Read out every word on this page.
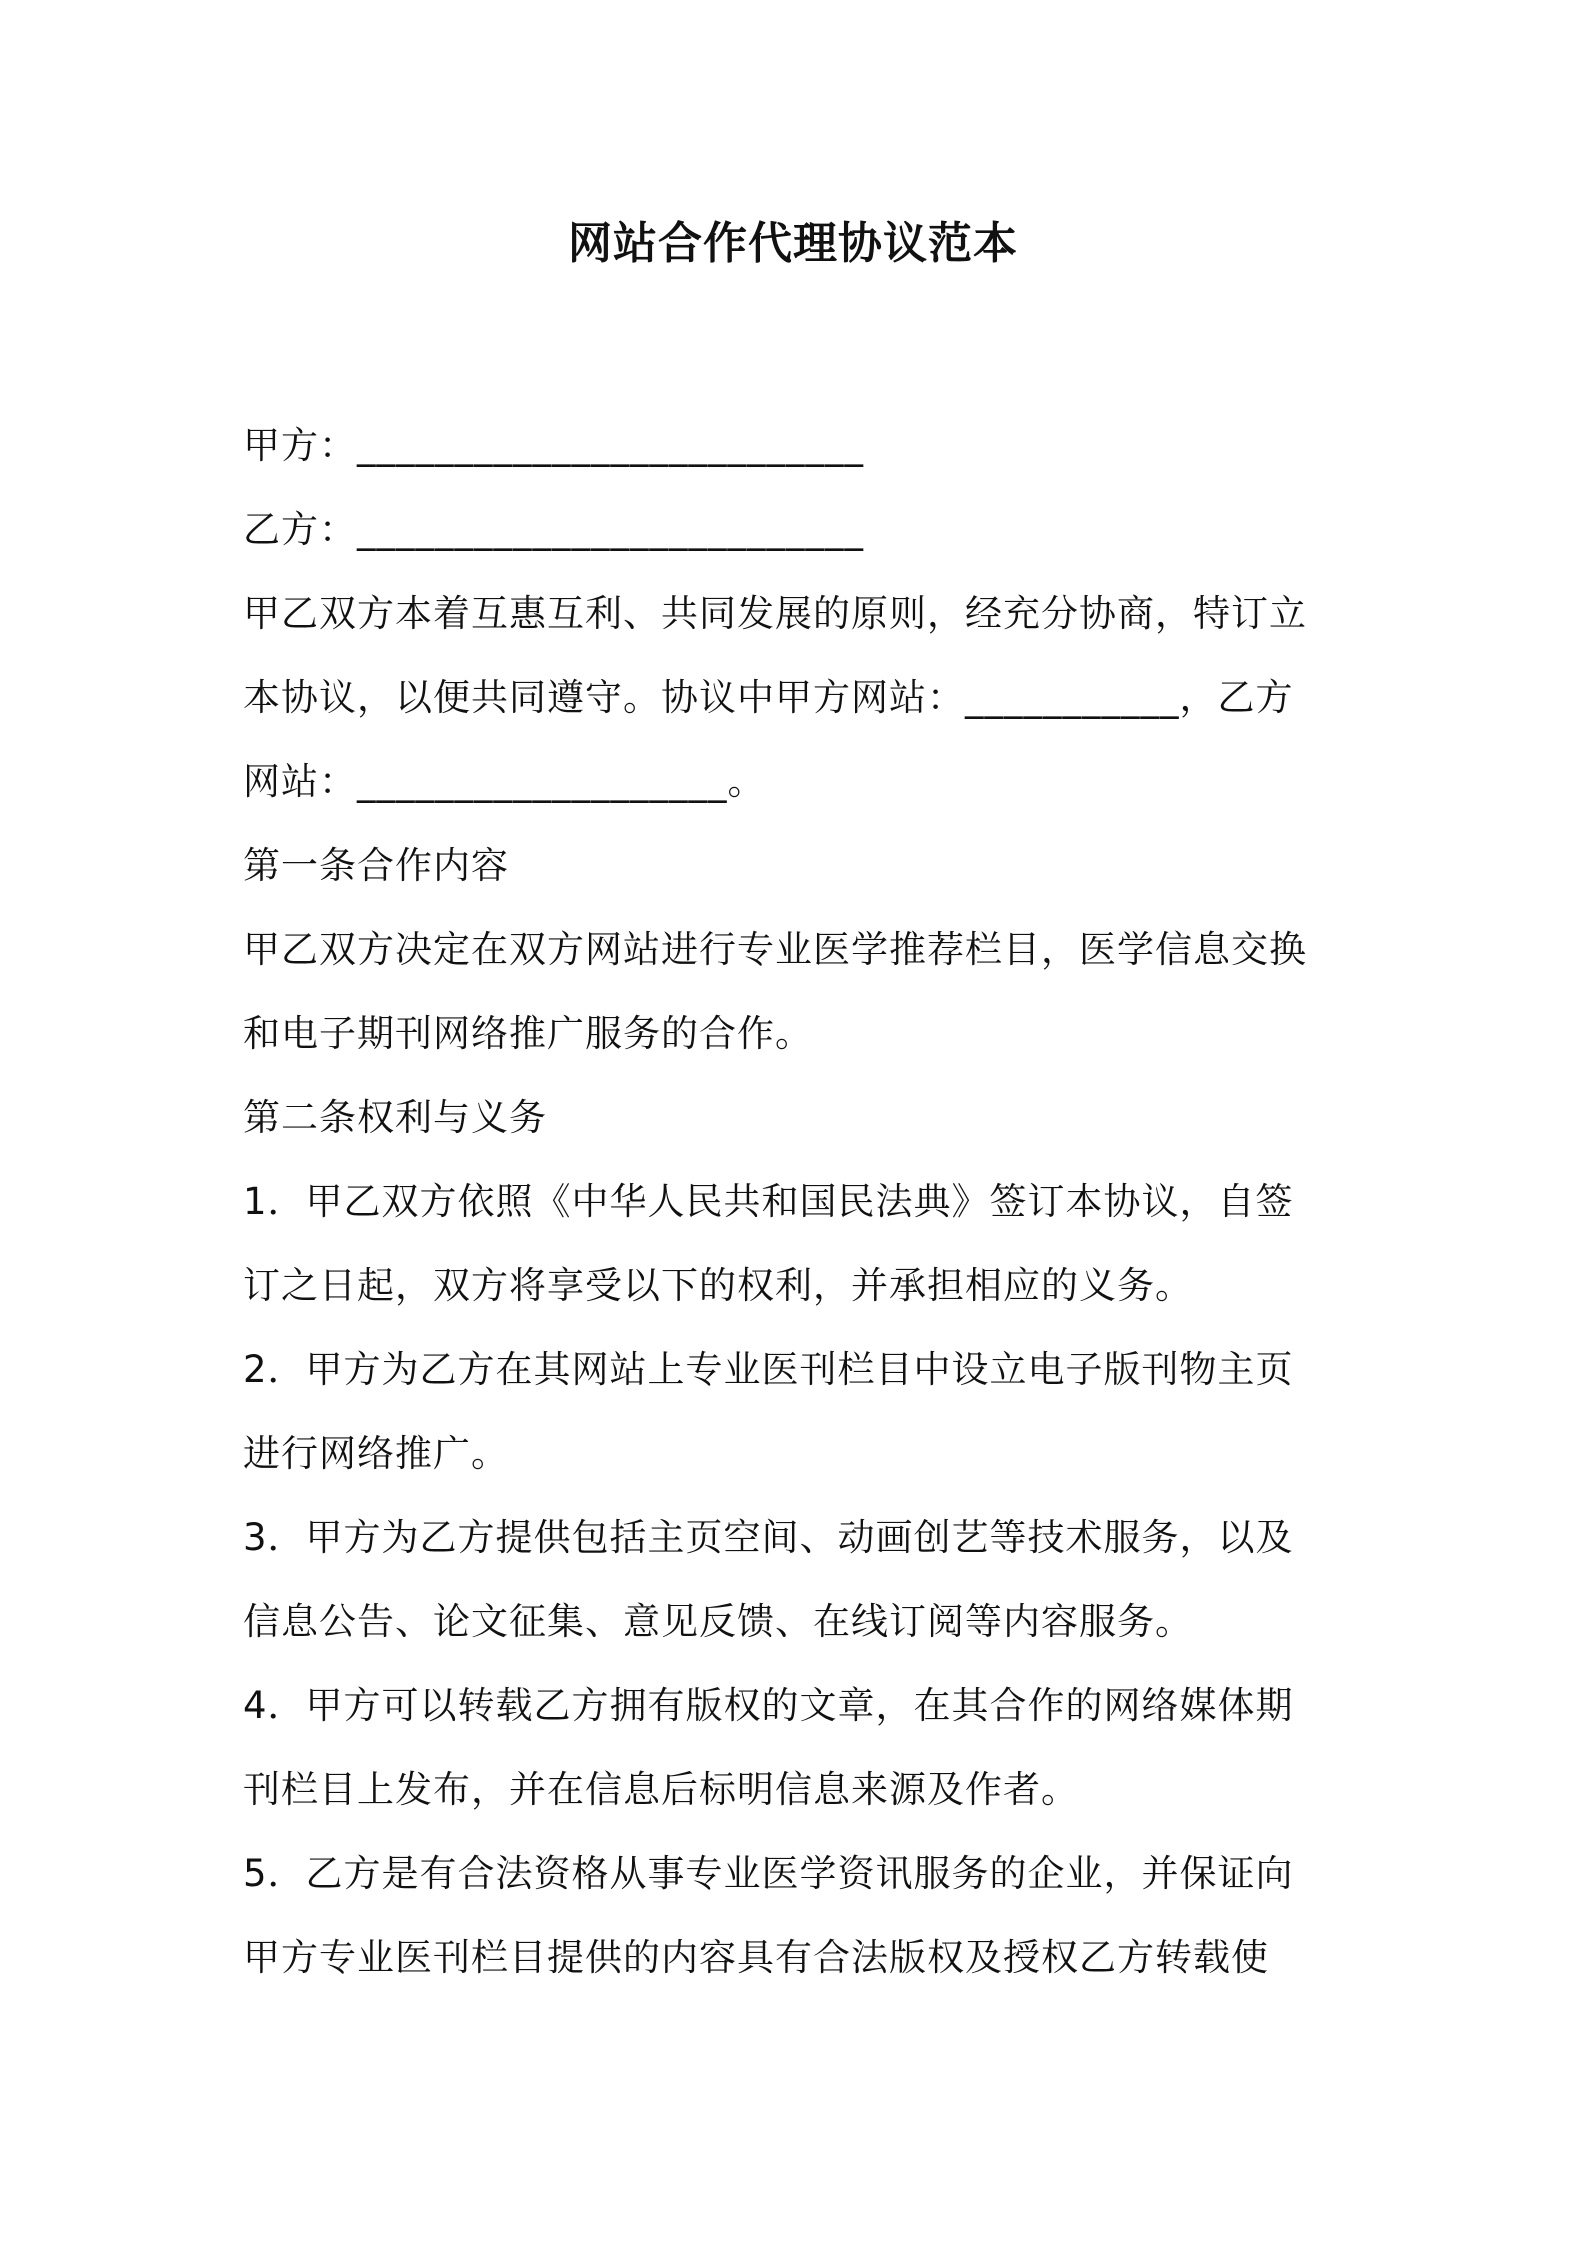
网站合作代理协议范本
甲方：__________________________
乙方：__________________________
甲乙双方本着互惠互利、共同发展的原则，经充分协商，特订立
本协议，以便共同遵守。协议中甲方网站：___________，乙方
网站：___________________。
第一条合作内容
甲乙双方决定在双方网站进行专业医学推荐栏目，医学信息交换
和电子期刊网络推广服务的合作。
第二条权利与义务
1．甲乙双方依照《中华人民共和国民法典》签订本协议，自签
订之日起，双方将享受以下的权利，并承担相应的义务。
2．甲方为乙方在其网站上专业医刊栏目中设立电子版刊物主页
进行网络推广。
3．甲方为乙方提供包括主页空间、动画创艺等技术服务，以及
信息公告、论文征集、意见反馈、在线订阅等内容服务。
4．甲方可以转载乙方拥有版权的文章，在其合作的网络媒体期
刊栏目上发布，并在信息后标明信息来源及作者。
5．乙方是有合法资格从事专业医学资讯服务的企业，并保证向
甲方专业医刊栏目提供的内容具有合法版权及授权乙方转载使
